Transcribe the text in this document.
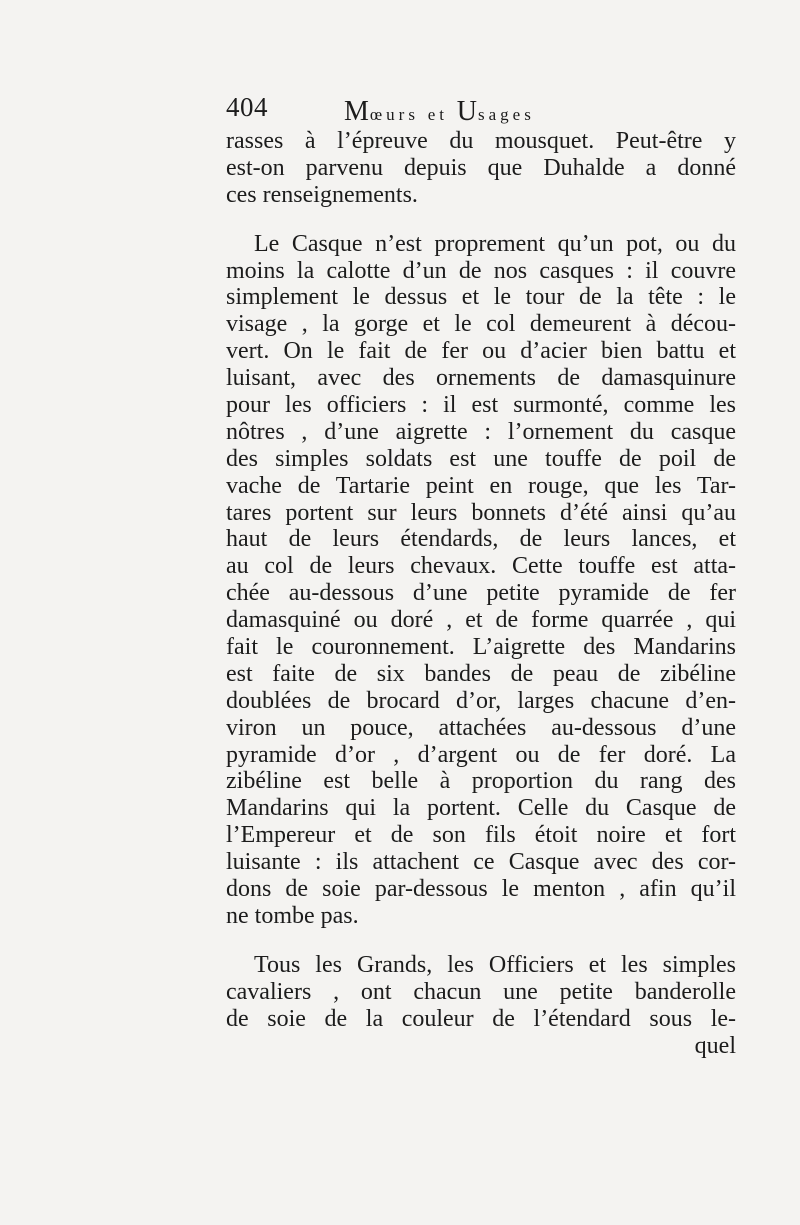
404	Mœurs et Usages
rasses à l’épreuve du mousquet. Peut-être y
est-on parvenu depuis que Duhalde a donné
ces renseignements.
Le Casque n’est proprement qu’un pot, ou du
moins la calotte d’un de nos casques : il couvre
simplement le dessus et le tour de la tête : le
visage , la gorge et le col demeurent à décou-
vert. On le fait de fer ou d’acier bien battu et
luisant, avec des ornements de damasquinure
pour les officiers : il est surmonté, comme les
nôtres , d’une aigrette : l’ornement du casque
des simples soldats est une touffe de poil de
vache de Tartarie peint en rouge, que les Tar-
tares portent sur leurs bonnets d’été ainsi qu’au
haut de leurs étendards, de leurs lances, et
au col de leurs chevaux. Cette touffe est atta-
chée au-dessous d’une petite pyramide de fer
damasquiné ou doré , et de forme quarrée , qui
fait le couronnement. L’aigrette des Mandarins
est faite de six bandes de peau de zibéline
doublées de brocard d’or, larges chacune d’en-
viron un pouce, attachées au-dessous d’une
pyramide d’or , d’argent ou de fer doré. La
zibéline est belle à proportion du rang des
Mandarins qui la portent. Celle du Casque de
l’Empereur et de son fils étoit noire et fort
luisante : ils attachent ce Casque avec des cor-
dons de soie par-dessous le menton , afin qu’il
ne tombe pas.
Tous les Grands, les Officiers et les simples
cavaliers , ont chacun une petite banderolle
de soie de la couleur de l’étendard sous le-
quel
